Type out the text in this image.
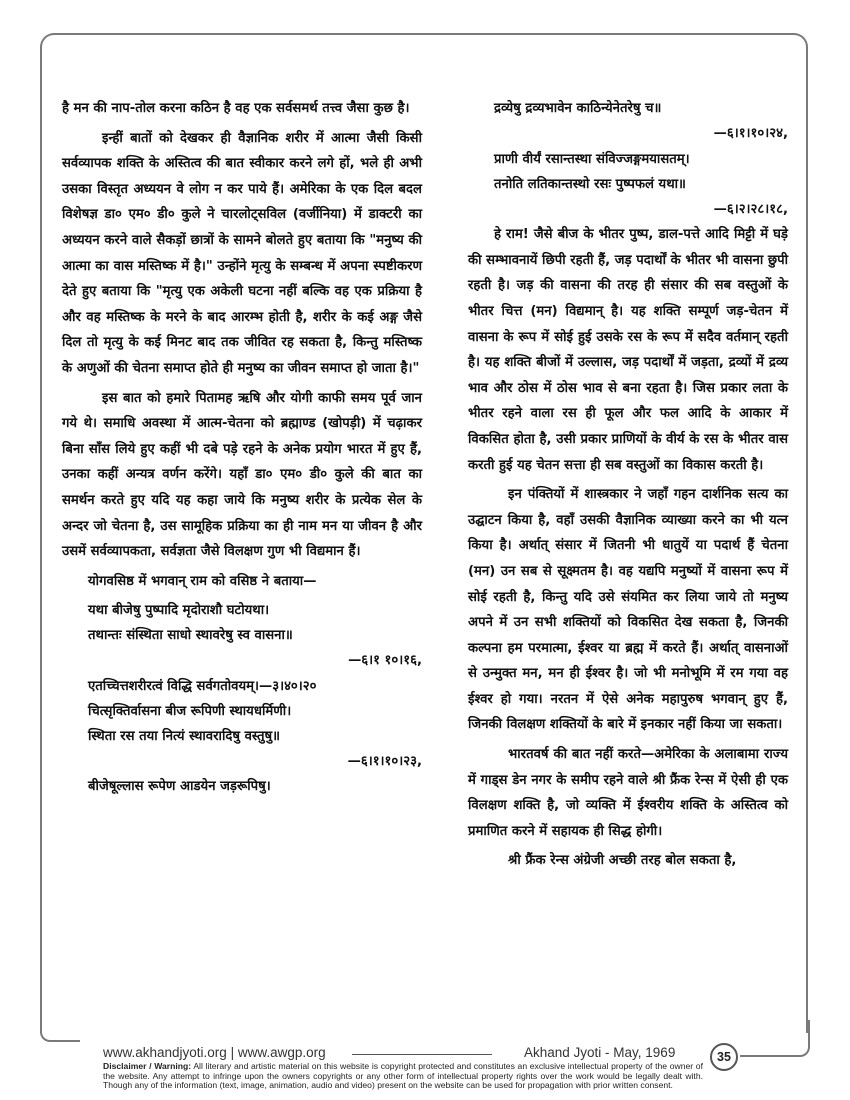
है मन की नाप-तोल करना कठिन है वह एक सर्वसमर्थ तत्त्व जैसा कुछ है।

इन्हीं बातों को देखकर ही वैज्ञानिक शरीर में आत्मा जैसी किसी सर्वव्यापक शक्ति के अस्तित्व की बात स्वीकार करने लगे हों, भले ही अभी उसका विस्तृत अध्ययन वे लोग न कर पाये हैं। अमेरिका के एक दिल बदल विशेषज्ञ डा० एम० डी० कुले ने चारलोट्सविल (वर्जीनिया) में डाक्टरी का अध्ययन करने वाले सैकड़ों छात्रों के सामने बोलते हुए बताया कि "मनुष्य की आत्मा का वास मस्तिष्क में है।" उन्होंने मृत्यु के सम्बन्ध में अपना स्पष्टीकरण देते हुए बताया कि "मृत्यु एक अकेली घटना नहीं बल्कि वह एक प्रक्रिया है और वह मस्तिष्क के मरने के बाद आरम्भ होती है, शरीर के कई अङ्ग जैसे दिल तो मृत्यु के कई मिनट बाद तक जीवित रह सकता है, किन्तु मस्तिष्क के अणुओं की चेतना समाप्त होते ही मनुष्य का जीवन समाप्त हो जाता है।"

इस बात को हमारे पितामह ऋषि और योगी काफी समय पूर्व जान गये थे। समाधि अवस्था में आत्म-चेतना को ब्रह्माण्ड (खोपड़ी) में चढ़ाकर बिना साँस लिये हुए कहीं भी दबे पड़े रहने के अनेक प्रयोग भारत में हुए हैं, उनका कहीं अन्यत्र वर्णन करेंगे। यहाँ डा० एम० डी० कुले की बात का समर्थन करते हुए यदि यह कहा जाये कि मनुष्य शरीर के प्रत्येक सेल के अन्दर जो चेतना है, उस सामूहिक प्रक्रिया का ही नाम मन या जीवन है और उसमें सर्वव्यापकता, सर्वज्ञता जैसे विलक्षण गुण भी विद्यमान हैं।

योगवसिष्ठ में भगवान् राम को वसिष्ठ ने बताया—

यथा बीजेषु पुष्पादि मृदोराशौ घटोयथा।
तथान्तः संस्थिता साधो स्थावरेषु स्व वासना॥

—६।१ १०।१६,

एतच्चित्तशरीरत्वं विद्धि सर्वगतोवयम्।—३।४०।२०
चित्सृक्तिर्वासना बीज रूपिणी स्थायधर्मिणी।
स्थिता रस तया नित्यं स्थावरादिषु वस्तुषु॥

—६।१।१०।२३,

बीजेषूल्लास रूपेण आडयेन जड़रूपिषु।
द्रव्येषु द्रव्यभावेन काठिन्येनेतरेषु च॥

—६।१।१०।२४,

प्राणी वीर्यं रसान्तस्था संविज्जङ्गमयासतम्।
तनोति लतिकान्तस्थो रसः पुष्पफलं यथा॥

—६।२।२८।१८,

हे राम! जैसे बीज के भीतर पुष्प, डाल-पत्ते आदि मिट्टी में घड़े की सम्भावनायें छिपी रहती हैं, जड़ पदार्थों के भीतर भी वासना छुपी रहती है। जड़ की वासना की तरह ही संसार की सब वस्तुओं के भीतर चित्त (मन) विद्यमान् है। यह शक्ति सम्पूर्ण जड़-चेतन में वासना के रूप में सोई हुई उसके रस के रूप में सदैव वर्तमान् रहती है। यह शक्ति बीजों में उल्लास, जड़ पदार्थों में जड़ता, द्रव्यों में द्रव्य भाव और ठोस में ठोस भाव से बना रहता है। जिस प्रकार लता के भीतर रहने वाला रस ही फूल और फल आदि के आकार में विकसित होता है, उसी प्रकार प्राणियों के वीर्य के रस के भीतर वास करती हुई यह चेतन सत्ता ही सब वस्तुओं का विकास करती है।

इन पंक्तियों में शास्त्रकार ने जहाँ गहन दार्शनिक सत्य का उद्घाटन किया है, वहाँ उसकी वैज्ञानिक व्याख्या करने का भी यत्न किया है। अर्थात् संसार में जितनी भी धातुयें या पदार्थ हैं चेतना (मन) उन सब से सूक्ष्मतम है। वह यद्यपि मनुष्यों में वासना रूप में सोई रहती है, किन्तु यदि उसे संयमित कर लिया जाये तो मनुष्य अपने में उन सभी शक्तियों को विकसित देख सकता है, जिनकी कल्पना हम परमात्मा, ईश्वर या ब्रह्म में करते हैं। अर्थात् वासनाओं से उन्मुक्त मन, मन ही ईश्वर है। जो भी मनोभूमि में रम गया वह ईश्वर हो गया। नरतन में ऐसे अनेक महापुरुष भगवान् हुए हैं, जिनकी विलक्षण शक्तियों के बारे में इनकार नहीं किया जा सकता।

भारतवर्ष की बात नहीं करते—अमेरिका के अलाबामा राज्य में गाड्स डेन नगर के समीप रहने वाले श्री फ्रैंक रेन्स में ऐसी ही एक विलक्षण शक्ति है, जो व्यक्ति में ईश्वरीय शक्ति के अस्तित्व को प्रमाणित करने में सहायक ही सिद्ध होगी।

श्री फ्रैंक रेन्स अंग्रेजी अच्छी तरह बोल सकता है,

www.akhandjyoti.org | www.awgp.org	Akhand Jyoti - May, 1969	35
Disclaimer / Warning: All literary and artistic material on this website is copyright protected and constitutes an exclusive intellectual property of the owner of the website. Any attempt to infringe upon the owners copyrights or any other form of intellectual property rights over the work would be legally dealt with. Though any of the information (text, image, animation, audio and video) present on the website can be used for propagation with prior written consent.
